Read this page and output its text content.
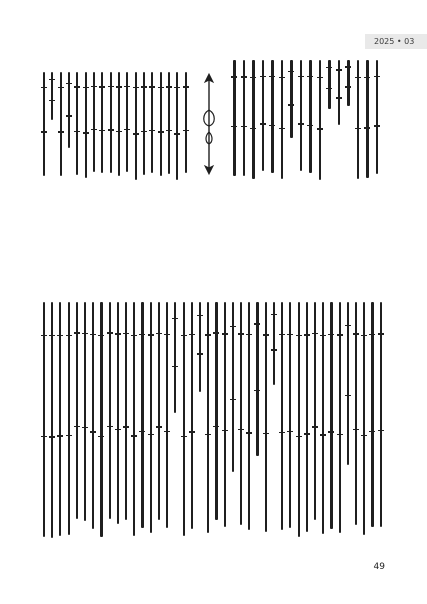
2025 • 03
49
